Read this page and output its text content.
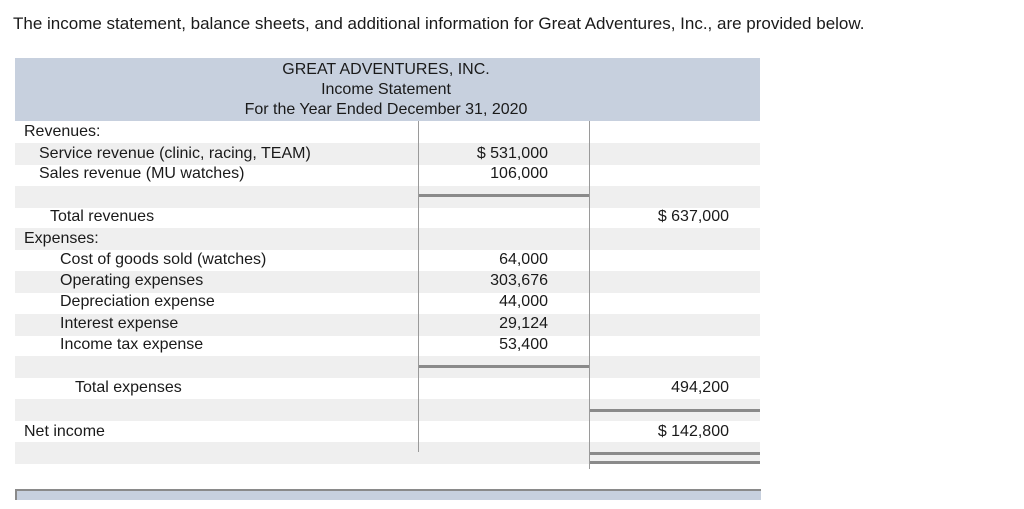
The income statement, balance sheets, and additional information for Great Adventures, Inc., are provided below.
GREAT ADVENTURES, INC.
Income Statement
For the Year Ended December 31, 2020
Revenues:
Service revenue (clinic, racing, TEAM)	$ 531,000
Sales revenue (MU watches)	106,000
Total revenues	$ 637,000
Expenses:
Cost of goods sold (watches)	64,000
Operating expenses	303,676
Depreciation expense	44,000
Interest expense	29,124
Income tax expense	53,400
Total expenses	494,200
Net income	$ 142,800
